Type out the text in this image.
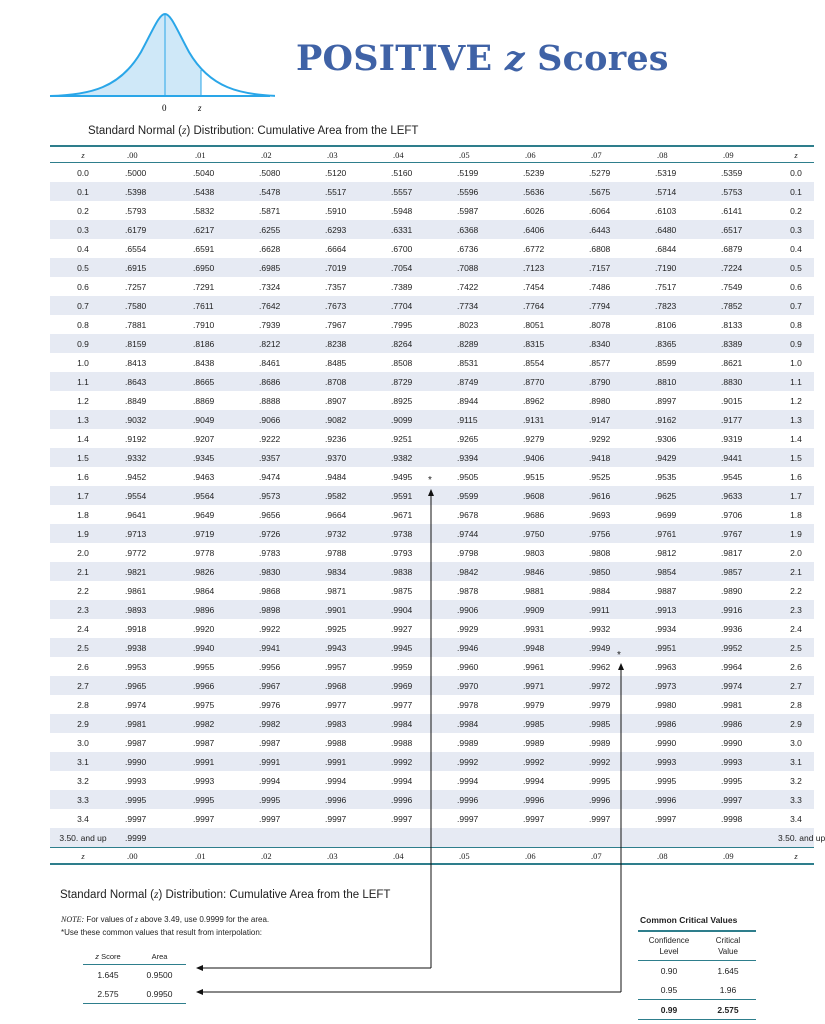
0	z
POSITIVE z Scores
Standard Normal (z) Distribution: Cumulative Area from the LEFT
z	.00	.01	.02	.03	.04	.05	.06	.07	.08	.09	z
0.0	.5000	.5040	.5080	.5120	.5160	.5199	.5239	.5279	.5319	.5359	0.0
0.1	.5398	.5438	.5478	.5517	.5557	.5596	.5636	.5675	.5714	.5753	0.1
0.2	.5793	.5832	.5871	.5910	.5948	.5987	.6026	.6064	.6103	.6141	0.2
0.3	.6179	.6217	.6255	.6293	.6331	.6368	.6406	.6443	.6480	.6517	0.3
0.4	.6554	.6591	.6628	.6664	.6700	.6736	.6772	.6808	.6844	.6879	0.4
0.5	.6915	.6950	.6985	.7019	.7054	.7088	.7123	.7157	.7190	.7224	0.5
0.6	.7257	.7291	.7324	.7357	.7389	.7422	.7454	.7486	.7517	.7549	0.6
0.7	.7580	.7611	.7642	.7673	.7704	.7734	.7764	.7794	.7823	.7852	0.7
0.8	.7881	.7910	.7939	.7967	.7995	.8023	.8051	.8078	.8106	.8133	0.8
0.9	.8159	.8186	.8212	.8238	.8264	.8289	.8315	.8340	.8365	.8389	0.9
1.0	.8413	.8438	.8461	.8485	.8508	.8531	.8554	.8577	.8599	.8621	1.0
1.1	.8643	.8665	.8686	.8708	.8729	.8749	.8770	.8790	.8810	.8830	1.1
1.2	.8849	.8869	.8888	.8907	.8925	.8944	.8962	.8980	.8997	.9015	1.2
1.3	.9032	.9049	.9066	.9082	.9099	.9115	.9131	.9147	.9162	.9177	1.3
1.4	.9192	.9207	.9222	.9236	.9251	.9265	.9279	.9292	.9306	.9319	1.4
1.5	.9332	.9345	.9357	.9370	.9382	.9394	.9406	.9418	.9429	.9441	1.5
1.6	.9452	.9463	.9474	.9484	.9495	.9505	.9515	.9525	.9535	.9545	1.6
1.7	.9554	.9564	.9573	.9582	.9591	.9599	.9608	.9616	.9625	.9633	1.7
1.8	.9641	.9649	.9656	.9664	.9671	.9678	.9686	.9693	.9699	.9706	1.8
1.9	.9713	.9719	.9726	.9732	.9738	.9744	.9750	.9756	.9761	.9767	1.9
2.0	.9772	.9778	.9783	.9788	.9793	.9798	.9803	.9808	.9812	.9817	2.0
2.1	.9821	.9826	.9830	.9834	.9838	.9842	.9846	.9850	.9854	.9857	2.1
2.2	.9861	.9864	.9868	.9871	.9875	.9878	.9881	.9884	.9887	.9890	2.2
2.3	.9893	.9896	.9898	.9901	.9904	.9906	.9909	.9911	.9913	.9916	2.3
2.4	.9918	.9920	.9922	.9925	.9927	.9929	.9931	.9932	.9934	.9936	2.4
2.5	.9938	.9940	.9941	.9943	.9945	.9946	.9948	.9949	.9951	.9952	2.5
2.6	.9953	.9955	.9956	.9957	.9959	.9960	.9961	.9962	.9963	.9964	2.6
2.7	.9965	.9966	.9967	.9968	.9969	.9970	.9971	.9972	.9973	.9974	2.7
2.8	.9974	.9975	.9976	.9977	.9977	.9978	.9979	.9979	.9980	.9981	2.8
2.9	.9981	.9982	.9982	.9983	.9984	.9984	.9985	.9985	.9986	.9986	2.9
3.0	.9987	.9987	.9987	.9988	.9988	.9989	.9989	.9989	.9990	.9990	3.0
3.1	.9990	.9991	.9991	.9991	.9992	.9992	.9992	.9992	.9993	.9993	3.1
3.2	.9993	.9993	.9994	.9994	.9994	.9994	.9994	.9995	.9995	.9995	3.2
3.3	.9995	.9995	.9995	.9996	.9996	.9996	.9996	.9996	.9996	.9997	3.3
3.4	.9997	.9997	.9997	.9997	.9997	.9997	.9997	.9997	.9997	.9998	3.4
3.50. and up	.9999										3.50. and up
z	.00	.01	.02	.03	.04	.05	.06	.07	.08	.09	z
Standard Normal (z) Distribution: Cumulative Area from the LEFT
NOTE: For values of z above 3.49, use 0.9999 for the area.
*Use these common values that result from interpolation:
z Score	Area
1.645	0.9500
2.575	0.9950
Common Critical Values
Confidence
Level	Critical
Value
0.90	1.645
0.95	1.96
0.99	2.575
*
*
